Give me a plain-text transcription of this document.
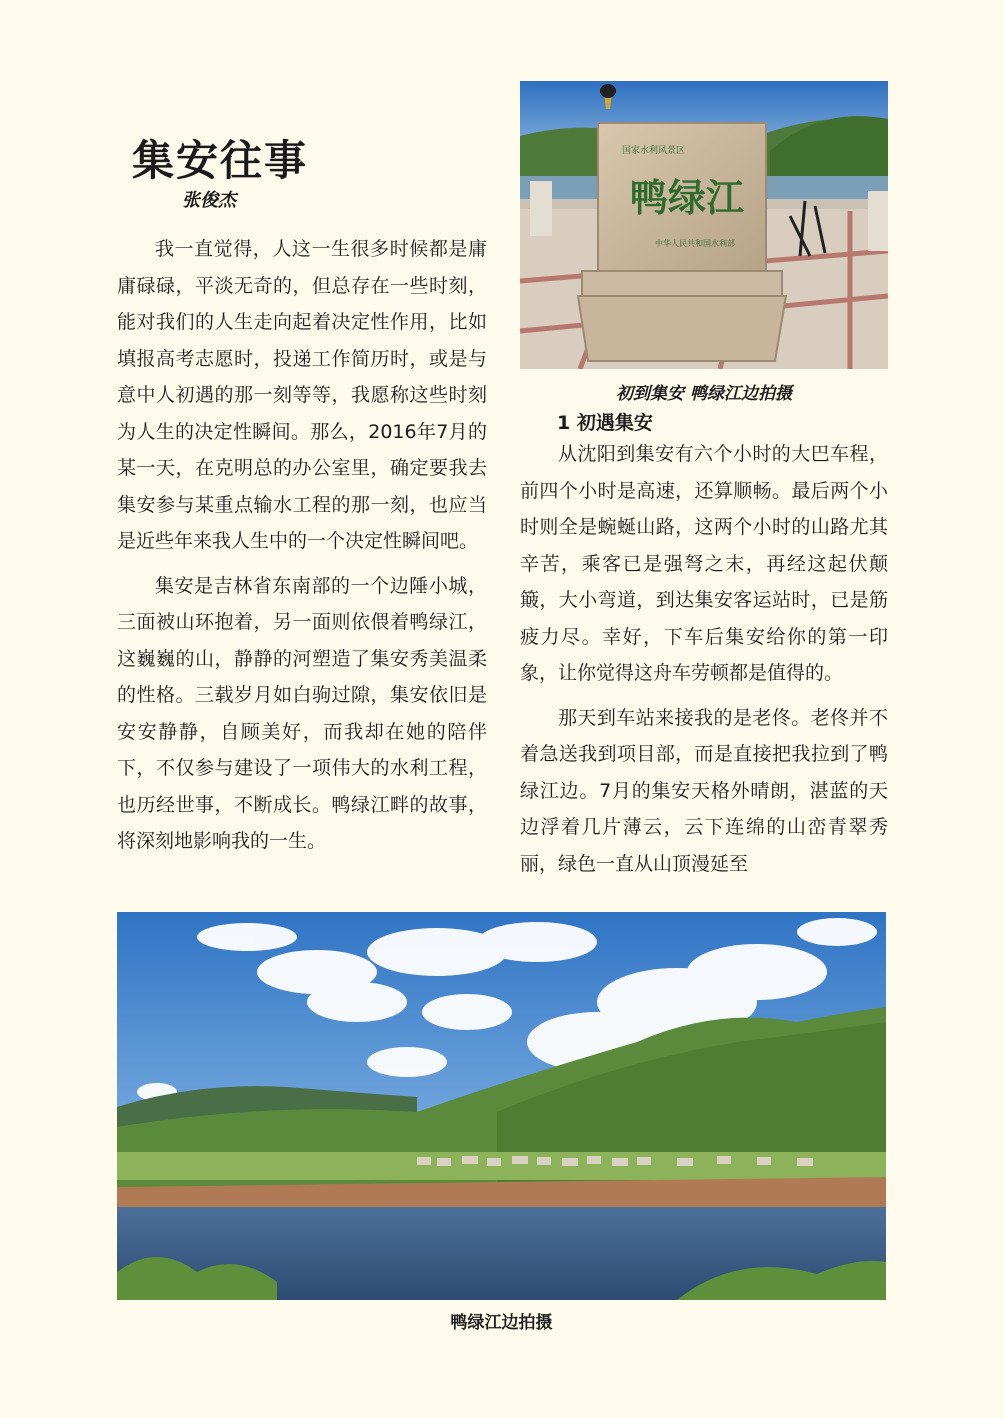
集安往事
张俊杰

我一直觉得，人这一生很多时候都是庸庸碌碌，平淡无奇的，但总存在一些时刻，能对我们的人生走向起着决定性作用，比如填报高考志愿时，投递工作简历时，或是与意中人初遇的那一刻等等，我愿称这些时刻为人生的决定性瞬间。那么，2016年7月的某一天，在克明总的办公室里，确定要我去集安参与某重点输水工程的那一刻，也应当是近些年来我人生中的一个决定性瞬间吧。

集安是吉林省东南部的一个边陲小城，三面被山环抱着，另一面则依偎着鸭绿江，这巍巍的山，静静的河塑造了集安秀美温柔的性格。三载岁月如白驹过隙，集安依旧是安安静静，自顾美好，而我却在她的陪伴下，不仅参与建设了一项伟大的水利工程，也历经世事，不断成长。鸭绿江畔的故事，将深刻地影响我的一生。

国家水利风景区
鸭绿江
中华人民共和国水利部
初到集安 鸭绿江边拍摄
1 初遇集安

从沈阳到集安有六个小时的大巴车程，前四个小时是高速，还算顺畅。最后两个小时则全是蜿蜒山路，这两个小时的山路尤其辛苦，乘客已是强弩之末，再经这起伏颠簸，大小弯道，到达集安客运站时，已是筋疲力尽。幸好，下车后集安给你的第一印象，让你觉得这舟车劳顿都是值得的。

那天到车站来接我的是老佟。老佟并不着急送我到项目部，而是直接把我拉到了鸭绿江边。7月的集安天格外晴朗，湛蓝的天边浮着几片薄云，云下连绵的山峦青翠秀丽，绿色一直从山顶漫延至

鸭绿江边拍摄
